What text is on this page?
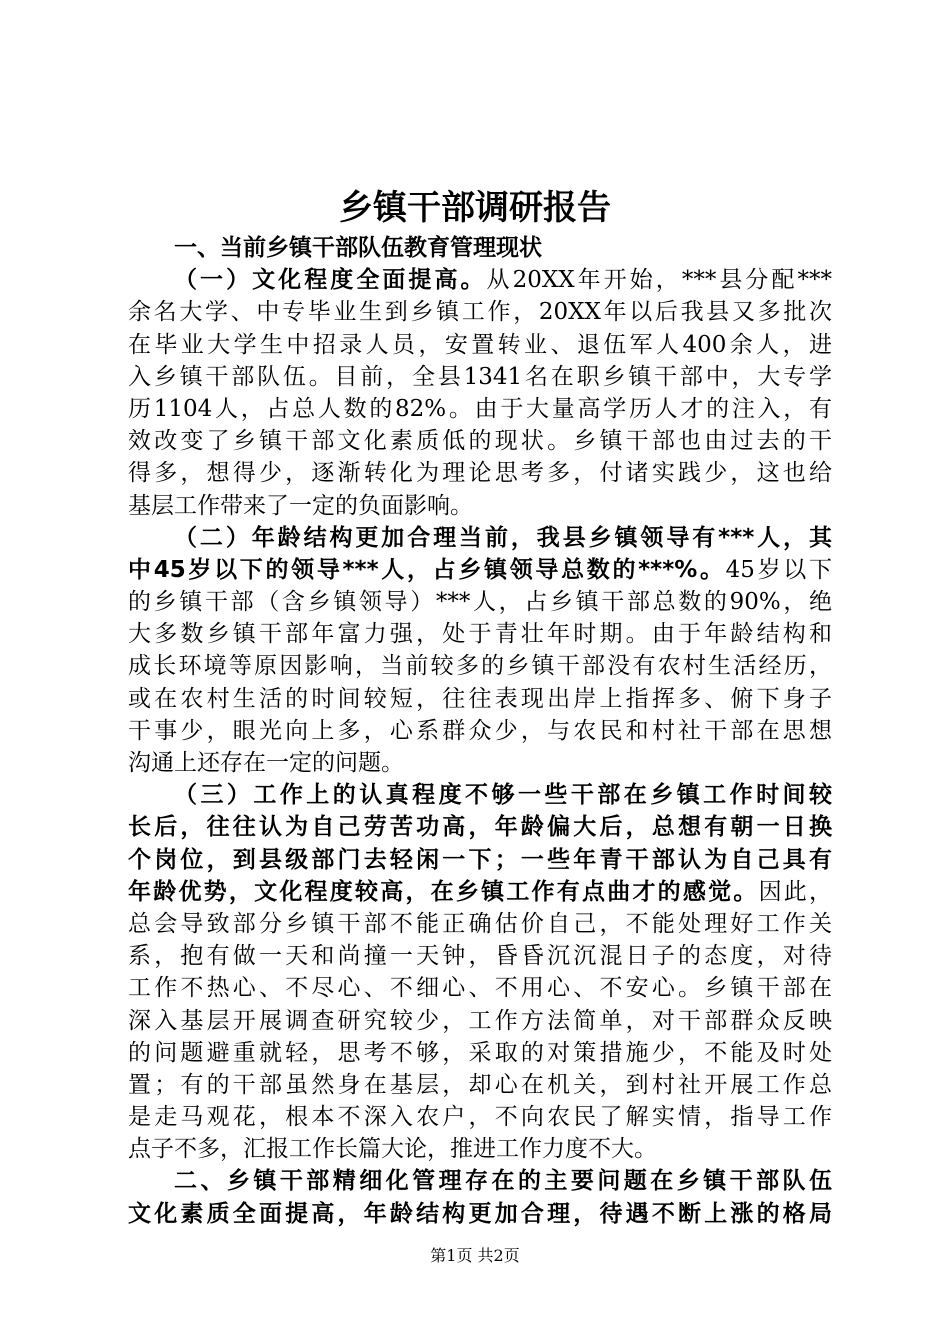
乡镇干部调研报告
一、当前乡镇干部队伍教育管理现状
（一）文化程度全面提高。从20XX年开始，***县分配***
余名大学、中专毕业生到乡镇工作，20XX年以后我县又多批次
在毕业大学生中招录人员，安置转业、退伍军人400余人，进
入乡镇干部队伍。目前，全县1341名在职乡镇干部中，大专学
历1104人，占总人数的82%。由于大量高学历人才的注入，有
效改变了乡镇干部文化素质低的现状。乡镇干部也由过去的干
得多，想得少，逐渐转化为理论思考多，付诸实践少，这也给
基层工作带来了一定的负面影响。
（二）年龄结构更加合理当前，我县乡镇领导有***人，其
中45岁以下的领导***人，占乡镇领导总数的***%。45岁以下
的乡镇干部（含乡镇领导）***人，占乡镇干部总数的90%，绝
大多数乡镇干部年富力强，处于青壮年时期。由于年龄结构和
成长环境等原因影响，当前较多的乡镇干部没有农村生活经历，
或在农村生活的时间较短，往往表现出岸上指挥多、俯下身子
干事少，眼光向上多，心系群众少，与农民和村社干部在思想
沟通上还存在一定的问题。
（三）工作上的认真程度不够一些干部在乡镇工作时间较
长后，往往认为自己劳苦功高，年龄偏大后，总想有朝一日换
个岗位，到县级部门去轻闲一下；一些年青干部认为自己具有
年龄优势，文化程度较高，在乡镇工作有点曲才的感觉。因此，
总会导致部分乡镇干部不能正确估价自己，不能处理好工作关
系，抱有做一天和尚撞一天钟，昏昏沉沉混日子的态度，对待
工作不热心、不尽心、不细心、不用心、不安心。乡镇干部在
深入基层开展调查研究较少，工作方法简单，对干部群众反映
的问题避重就轻，思考不够，采取的对策措施少，不能及时处
置；有的干部虽然身在基层，却心在机关，到村社开展工作总
是走马观花，根本不深入农户，不向农民了解实情，指导工作
点子不多，汇报工作长篇大论，推进工作力度不大。
二、乡镇干部精细化管理存在的主要问题在乡镇干部队伍
文化素质全面提高，年龄结构更加合理，待遇不断上涨的格局
第1页 共2页
